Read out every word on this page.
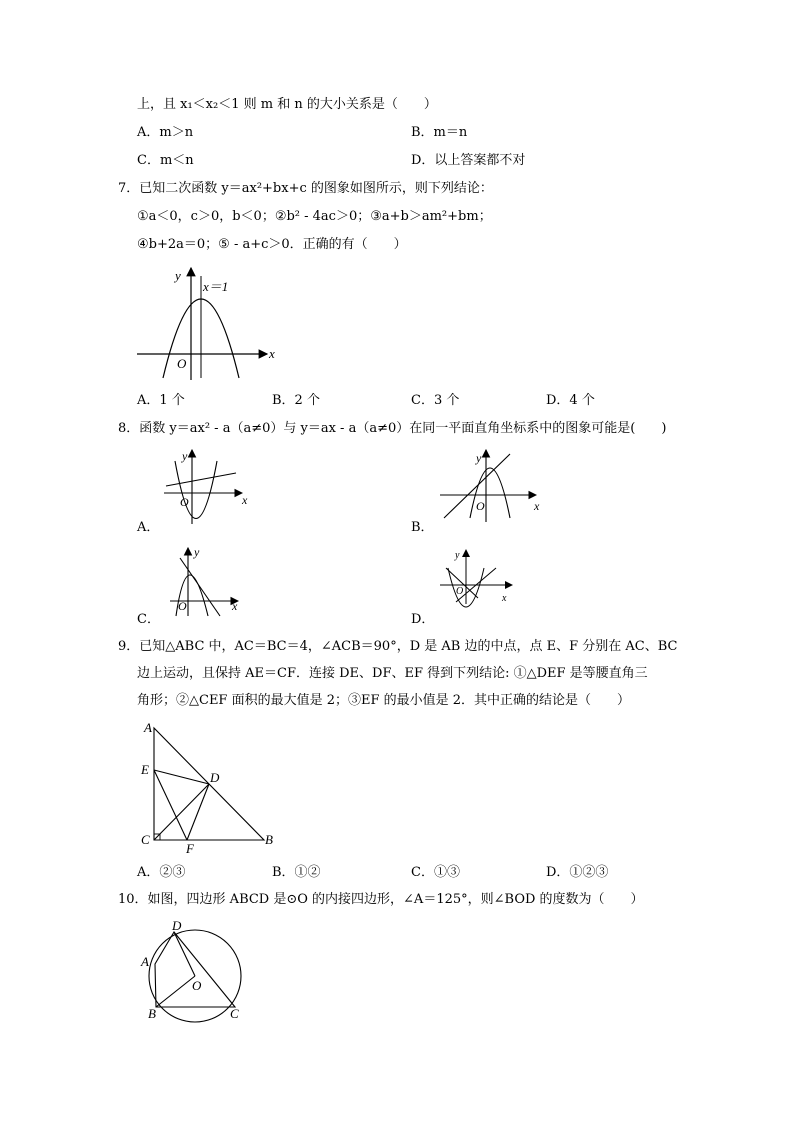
上，且 x₁＜x₂＜1 则 m 和 n 的大小关系是（　　）
A．m＞n	B．m＝n
C．m＜n	D．以上答案都不对
7．已知二次函数 y＝ax²+bx+c 的图象如图所示，则下列结论：
①a＜0，c＞0，b＜0；②b² - 4ac＞0；③a+b＞am²+bm；
④b+2a＝0；⑤ - a+c＞0．正确的有（　　）
y
x
x＝1
O
A．1 个	B．2 个	C．3 个	D．4 个
8．函数 y＝ax² - a（a≠0）与 y＝ax - a（a≠0）在同一平面直角坐标系中的图象可能是(　　)
A．
y
x
O
B．
y
x
O
C．
y
x
O
D．
y
x
O
9．已知△ABC 中，AC＝BC＝4，∠ACB＝90°，D 是 AB 边的中点，点 E、F 分别在 AC、BC
边上运动，且保持 AE＝CF．连接 DE、DF、EF 得到下列结论: ①△DEF 是等腰直角三
角形；②△CEF 面积的最大值是 2；③EF 的最小值是 2．其中正确的结论是（　　）
A
E
D
C
F
B
A．②③	B．①②	C．①③	D．①②③
10．如图，四边形 ABCD 是⊙O 的内接四边形，∠A＝125°，则∠BOD 的度数为（　　）
D
A
O
B	C
